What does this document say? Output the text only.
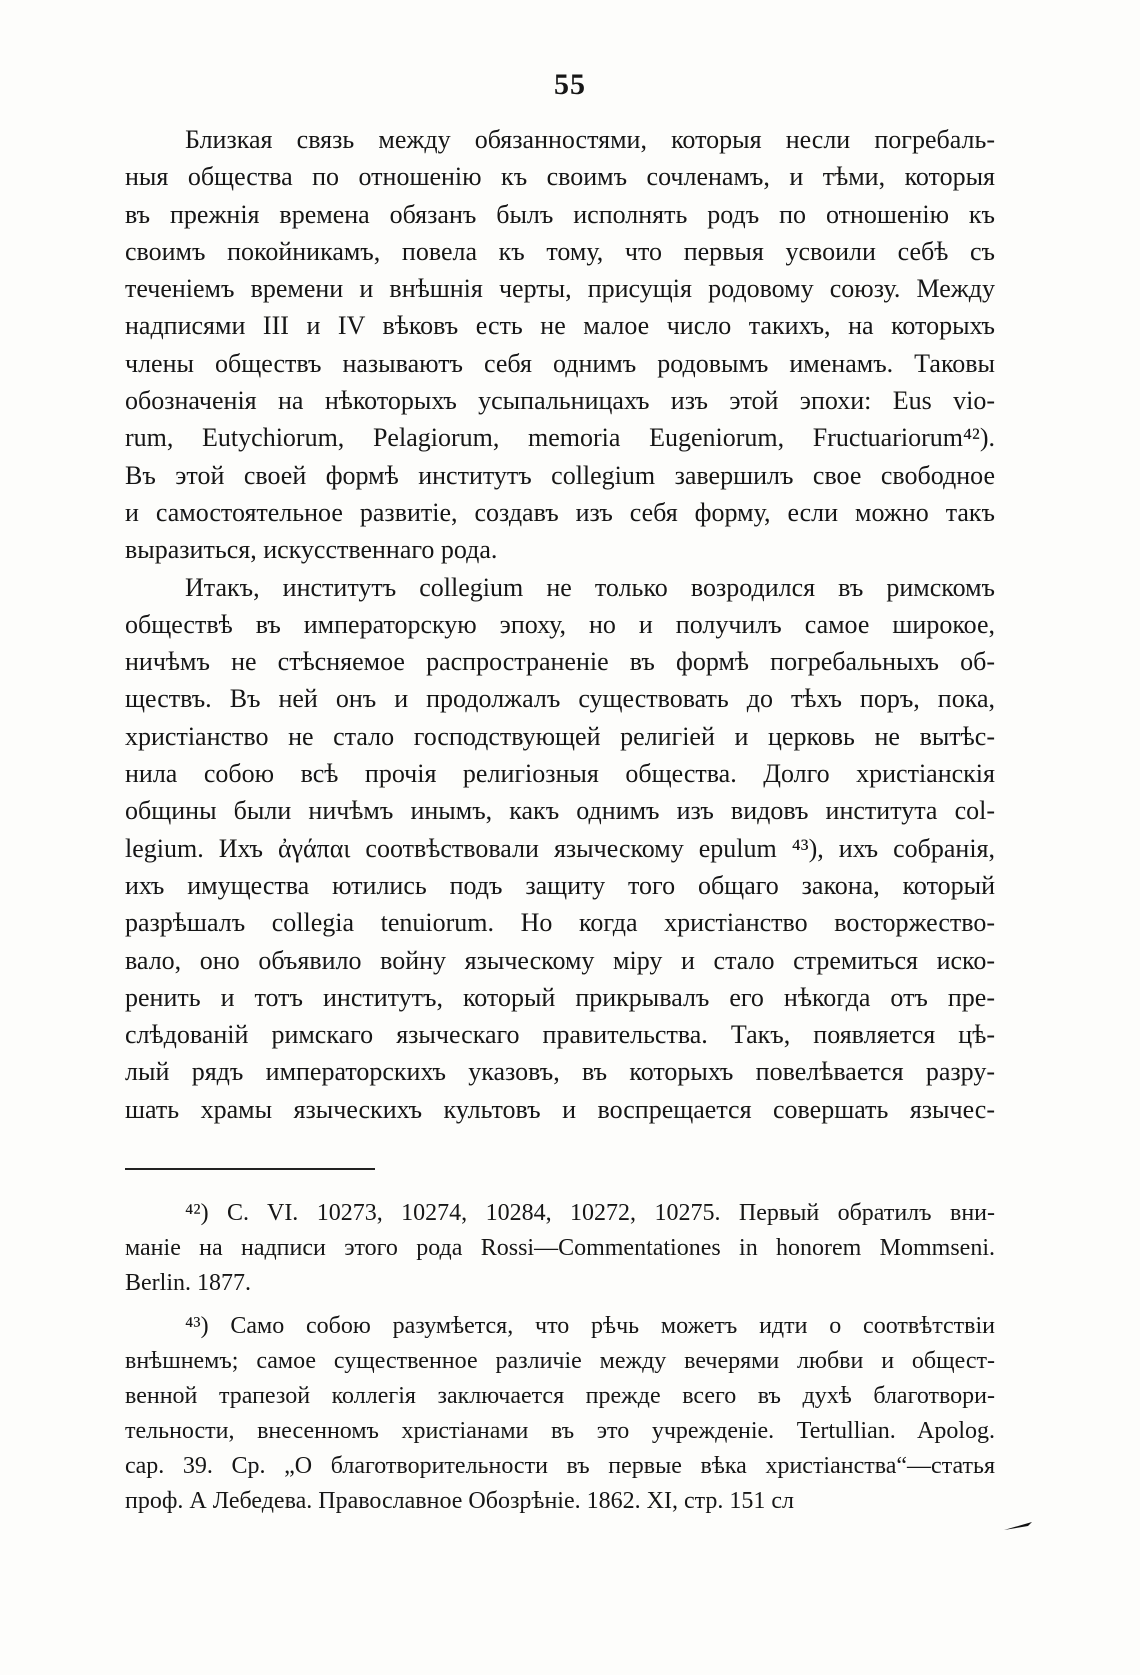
55
Близкая связь между обязанностями, которыя несли погребаль-
ныя общества по отношенію къ своимъ сочленамъ, и тѣми, которыя
въ прежнія времена обязанъ былъ исполнять родъ по отношенію къ
своимъ покойникамъ, повела къ тому, что первыя усвоили себѣ съ
теченіемъ времени и внѣшнія черты, присущія родовому союзу. Между
надписями III и IV вѣковъ есть не малое число такихъ, на которыхъ
члены обществъ называютъ себя однимъ родовымъ именамъ. Таковы
обозначенія на нѣкоторыхъ усыпальницахъ изъ этой эпохи: Eus vio-
rum, Eutychiorum, Pelagiorum, memoria Eugeniorum, Fructuariorum⁴²).
Въ этой своей формѣ институтъ collegium завершилъ свое свободное
и самостоятельное развитіе, создавъ изъ себя форму, если можно такъ
выразиться, искусственнаго рода.
Итакъ, институтъ collegium не только возродился въ римскомъ
обществѣ въ императорскую эпоху, но и получилъ самое широкое,
ничѣмъ не стѣсняемое распространеніе въ формѣ погребальныхъ об-
ществъ. Въ ней онъ и продолжалъ существовать до тѣхъ поръ, пока,
христіанство не стало господствующей религіей и церковь не вытѣс-
нила собою всѣ прочія религіозныя общества. Долго христіанскія
общины были ничѣмъ инымъ, какъ однимъ изъ видовъ института col-
legium. Ихъ ἀγάπαι соотвѣствовали языческому epulum ⁴³), ихъ собранія,
ихъ имущества ютились подъ защиту того общаго закона, который
разрѣшалъ collegia tenuiorum. Но когда христіанство восторжество-
вало, оно объявило войну языческому міру и стало стремиться иско-
ренить и тотъ институтъ, который прикрывалъ его нѣкогда отъ пре-
слѣдованій римскаго языческаго правительства. Такъ, появляется цѣ-
лый рядъ императорскихъ указовъ, въ которыхъ повелѣвается разру-
шать храмы языческихъ культовъ и воспрещается совершать язычес-
⁴²) C. VI. 10273, 10274, 10284, 10272, 10275. Первый обратилъ вни-
маніе на надписи этого рода Rossi—Commentationes in honorem Mommseni.
Berlin. 1877.
⁴³) Само собою разумѣется, что рѣчь можетъ идти о соотвѣтствіи
внѣшнемъ; самое существенное различіе между вечерями любви и общест-
венной трапезой коллегія заключается прежде всего въ духѣ благотвори-
тельности, внесенномъ христіанами въ это учрежденіе. Tertullian. Apolog.
cap. 39. Ср. „О благотворительности въ первые вѣка христіанства“—статья
проф. А Лебедева. Православное Обозрѣніе. 1862. XI, стр. 151 сл
